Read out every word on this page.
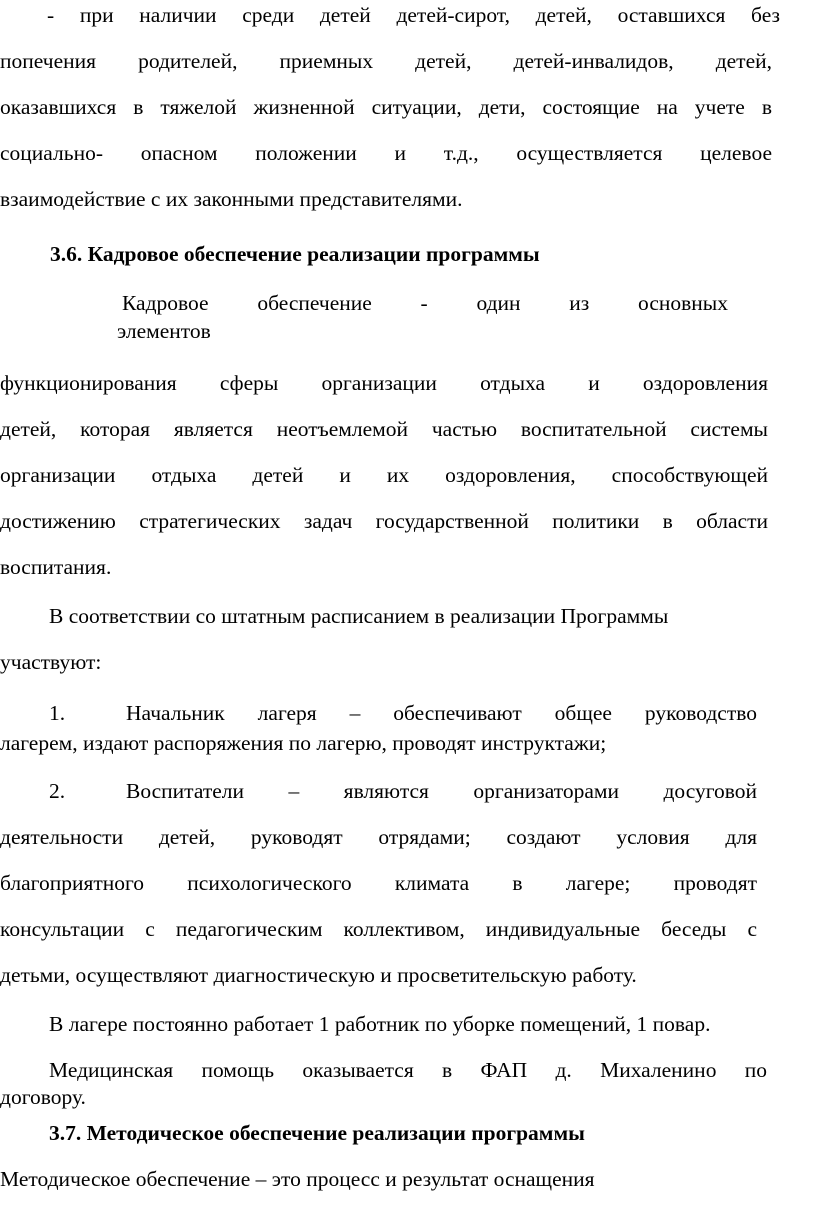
- при наличии среди детей детей-сирот, детей, оставшихся без
попечения родителей, приемных детей, детей-инвалидов, детей,
оказавшихся в тяжелой жизненной ситуации, дети, состоящие на учете в
социально- опасном положении и т.д., осуществляется целевое
взаимодействие с их законными представителями.
3.6. Кадровое обеспечение реализации программы
Кадровое обеспечение - один из основных
элементов
функционирования сферы организации отдыха и оздоровления
детей, которая является неотъемлемой частью воспитательной системы
организации отдыха детей и их оздоровления, способствующей
достижению стратегических задач государственной политики в области
воспитания.
В соответствии со штатным расписанием в реализации Программы
участвуют:
1.	Начальник лагеря – обеспечивают общее руководство
лагерем, издают распоряжения по лагерю, проводят инструктажи;
2.	Воспитатели – являются организаторами досуговой
деятельности детей, руководят отрядами; создают условия для
благоприятного психологического климата в лагере; проводят
консультации с педагогическим коллективом, индивидуальные беседы с
детьми, осуществляют диагностическую и просветительскую работу.
В лагере постоянно работает 1 работник по уборке помещений, 1 повар.
Медицинская помощь оказывается в ФАП д. Михаленино по
договору.
3.7. Методическое обеспечение реализации программы
Методическое обеспечение – это процесс и результат оснащения
